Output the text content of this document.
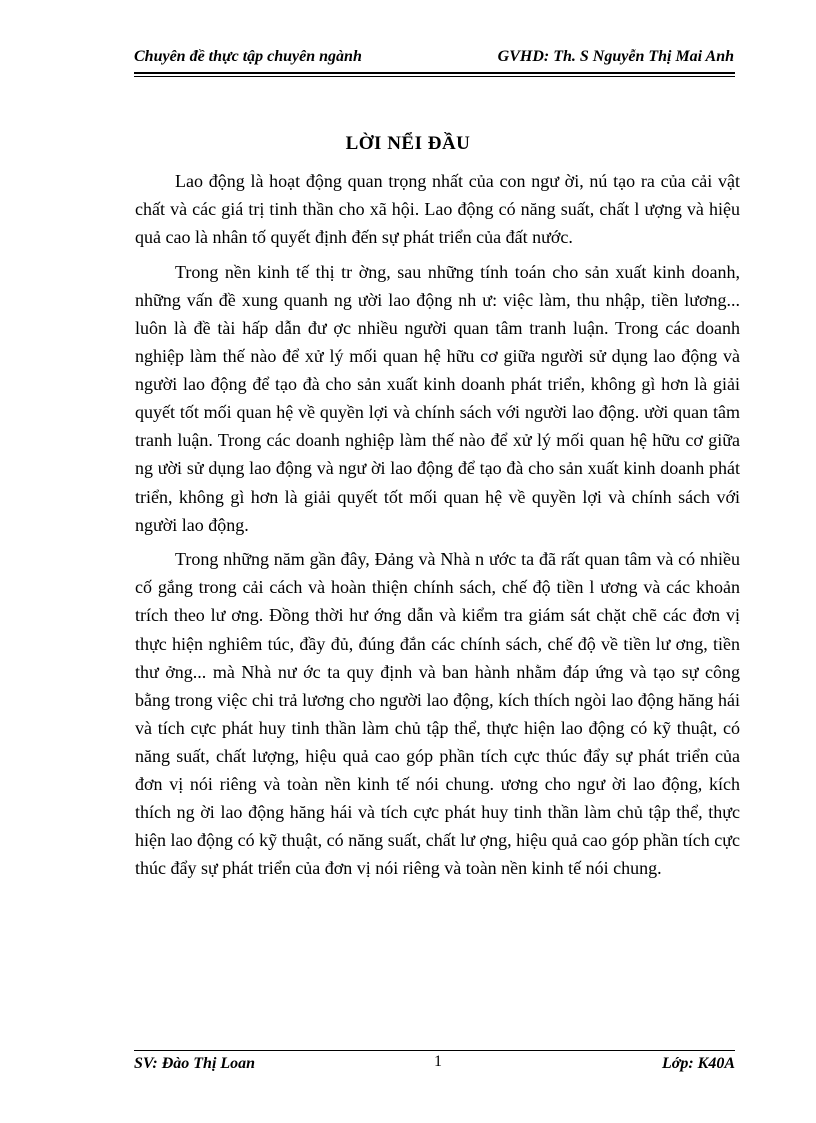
Chuyên đề thực tập chuyên ngành	GVHD: Th. S Nguyễn Thị Mai Anh
LỜI NỂI ĐẦU

Lao động là hoạt động quan trọng nhất của con ngư ời, nú tạo ra của cải vật chất và các giá trị tinh thần cho xã hội. Lao động có năng suất, chất l ượng và hiệu quả cao là nhân tố quyết định đến sự phát triển của đất nước.

Trong nền kinh tế thị tr ờng, sau những tính toán cho sản xuất kinh doanh, những vấn đề xung quanh ng ười lao động nh ư: việc làm, thu nhập, tiền lương... luôn là đề tài hấp dẫn đư ợc nhiều người quan tâm tranh luận. Trong các doanh nghiệp làm thế nào để xử lý mối quan hệ hữu cơ giữa người sử dụng lao động và người lao động để tạo đà cho sản xuất kinh doanh phát triển, không gì hơn là giải quyết tốt mối quan hệ về quyền lợi và chính sách với người lao động. ười quan tâm tranh luận. Trong các doanh nghiệp làm thế nào để xử lý mối quan hệ hữu cơ giữa ng ười sử dụng lao động và ngư ời lao động để tạo đà cho sản xuất kinh doanh phát triển, không gì hơn là giải quyết tốt mối quan hệ về quyền lợi và chính sách với người lao động.

Trong những năm gần đây, Đảng và Nhà n ước ta đã rất quan tâm và có nhiều cố gắng trong cải cách và hoàn thiện chính sách, chế độ tiền l ương và các khoản trích theo lư ơng. Đồng thời hư ớng dẫn và kiểm tra giám sát chặt chẽ các đơn vị thực hiện nghiêm túc, đầy đủ, đúng đắn các chính sách, chế độ về tiền lư ơng, tiền thư ởng... mà Nhà nư ớc ta quy định và ban hành nhằm đáp ứng và tạo sự công bằng trong việc chi trả lương cho người lao động, kích thích ngòi lao động hăng hái và tích cực phát huy tinh thần làm chủ tập thể, thực hiện lao động có kỹ thuật, có năng suất, chất lượng, hiệu quả cao góp phần tích cực thúc đẩy sự phát triển của đơn vị nói riêng và toàn nền kinh tế nói chung. ương cho ngư ời lao động, kích thích ng ời lao động hăng hái và tích cực phát huy tinh thần làm chủ tập thể, thực hiện lao động có kỹ thuật, có năng suất, chất lư ợng, hiệu quả cao góp phần tích cực thúc đẩy sự phát triển của đơn vị nói riêng và toàn nền kinh tế nói chung.

SV: Đào Thị Loan	1	Lớp: K40A
